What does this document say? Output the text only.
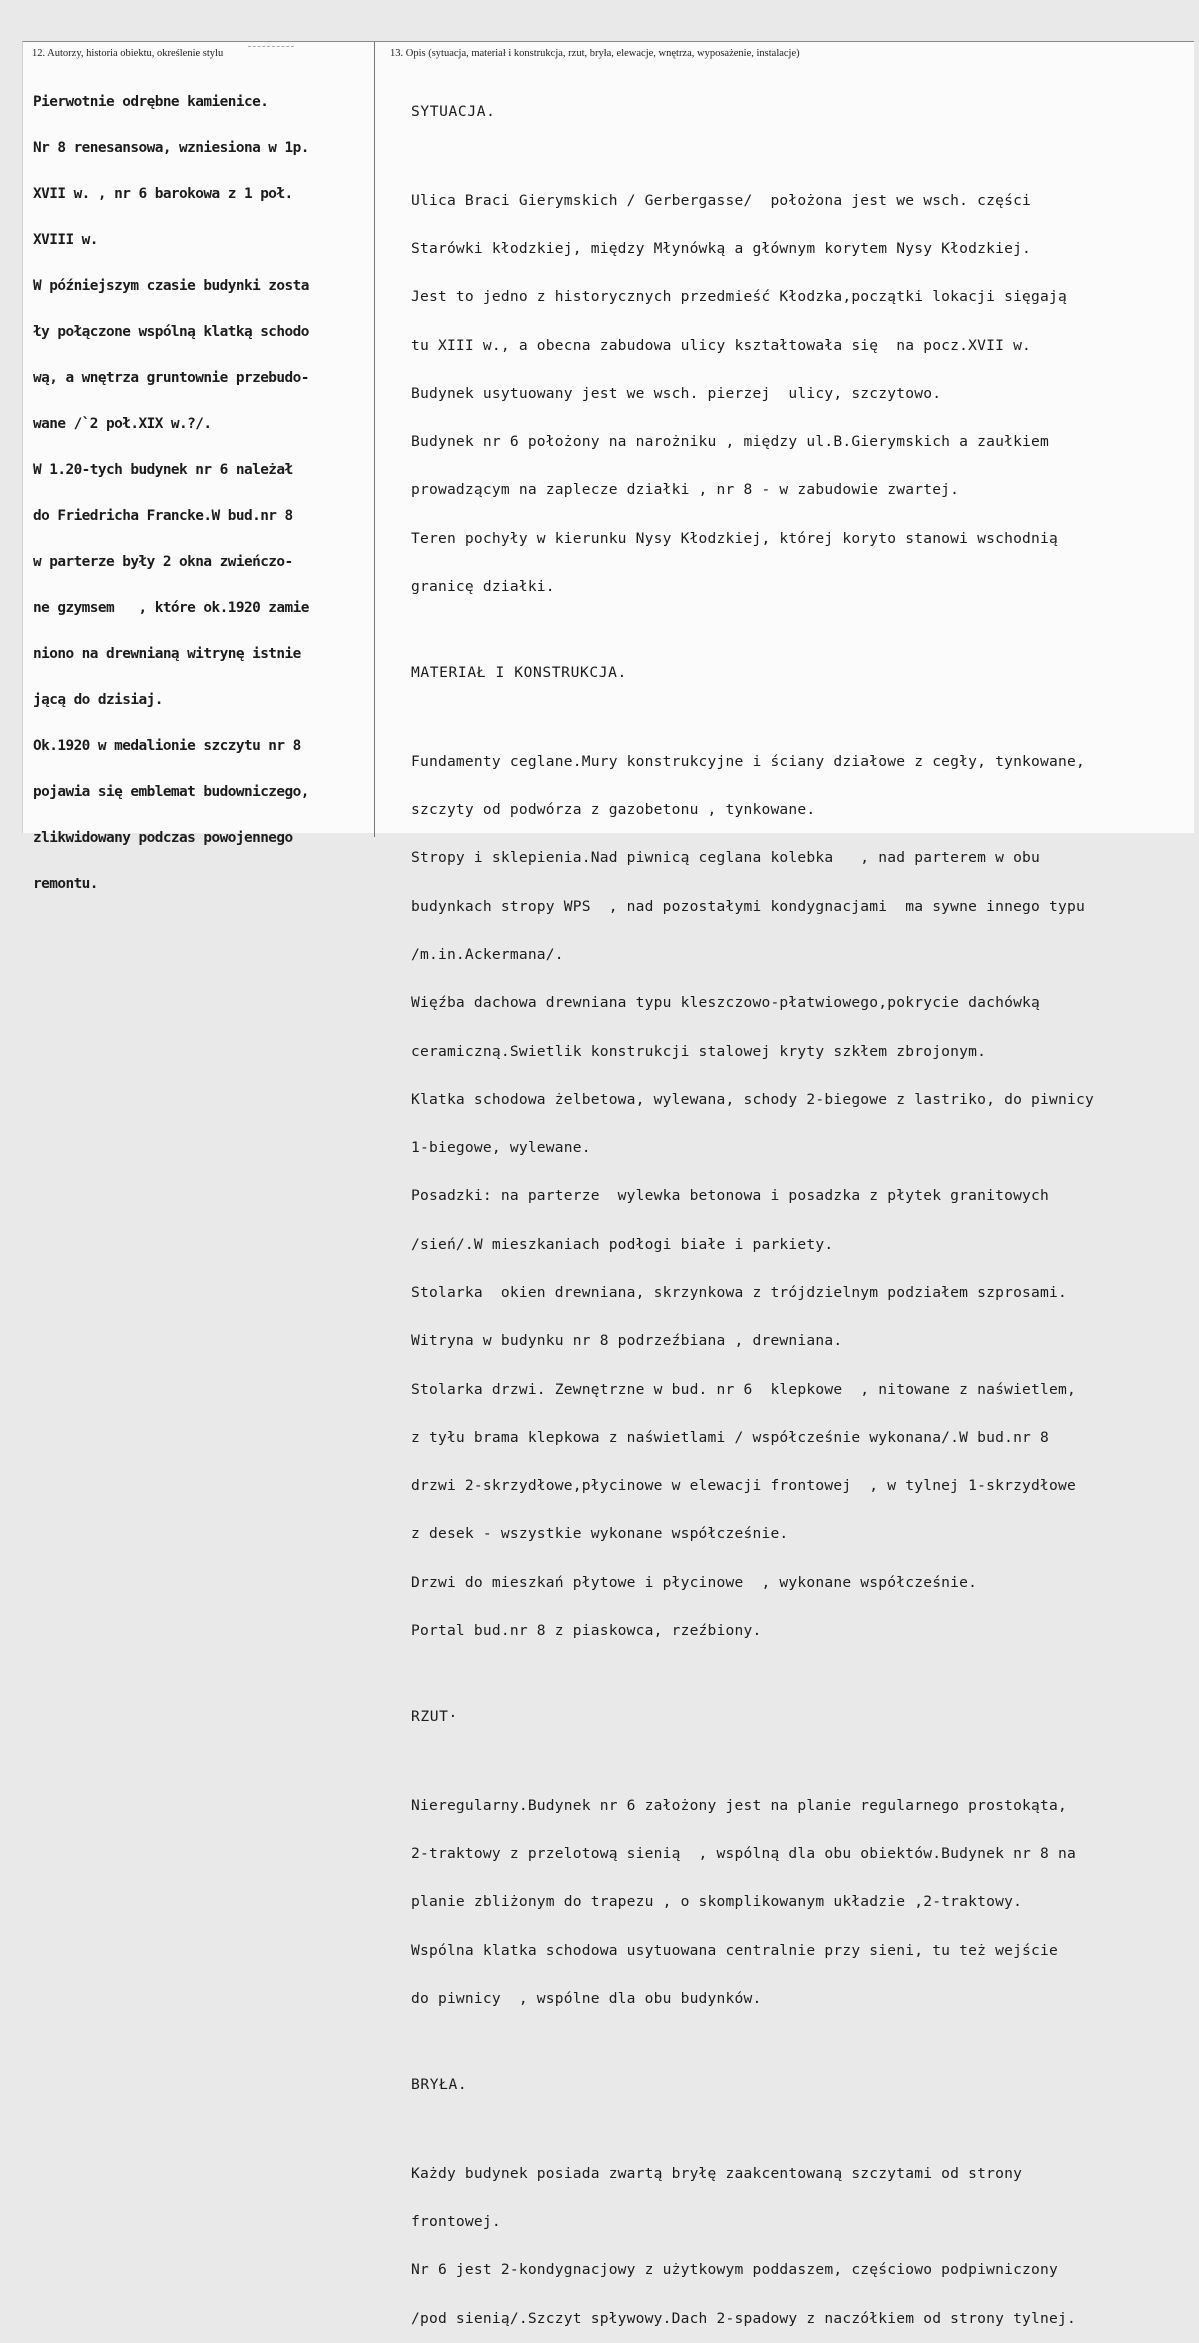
12. Autorzy, historia obiektu, określenie stylu	13. Opis (sytuacja, materiał i konstrukcja, rzut, bryła, elewacje, wnętrza, wyposażenie, instalacje)

Pierwotnie odrębne kamienice.

Nr 8 renesansowa, wzniesiona w 1p.

XVII w. , nr 6 barokowa z 1 poł.

XVIII w.

W późniejszym czasie budynki zosta

ły połączone wspólną klatką schodo

wą, a wnętrza gruntownie przebudo-

wane /`2 poł.XIX w.?/.

W 1.20-tych budynek nr 6 należał

do Friedricha Francke.W bud.nr 8

w parterze były 2 okna zwieńczo-

ne gzymsem   , które ok.1920 zamie

niono na drewnianą witrynę istnie

jącą do dzisiaj.

Ok.1920 w medalionie szczytu nr 8

pojawia się emblemat budowniczego,

zlikwidowany podczas powojennego

remontu.

SYTUACJA.

Ulica Braci Gierymskich / Gerbergasse/  położona jest we wsch. części

Starówki kłodzkiej, między Młynówką a głównym korytem Nysy Kłodzkiej.

Jest to jedno z historycznych przedmieść Kłodzka,początki lokacji sięgają

tu XIII w., a obecna zabudowa ulicy kształtowała się  na pocz.XVII w.

Budynek usytuowany jest we wsch. pierzej  ulicy, szczytowo.

Budynek nr 6 położony na narożniku , między ul.B.Gierymskich a zaułkiem

prowadzącym na zaplecze działki , nr 8 - w zabudowie zwartej.

Teren pochyły w kierunku Nysy Kłodzkiej, której koryto stanowi wschodnią

granicę działki.

MATERIAŁ I KONSTRUKCJA.

Fundamenty ceglane.Mury konstrukcyjne i ściany działowe z cegły, tynkowane,

szczyty od podwórza z gazobetonu , tynkowane.

Stropy i sklepienia.Nad piwnicą ceglana kolebka   , nad parterem w obu

budynkach stropy WPS  , nad pozostałymi kondygnacjami  ma sywne innego typu

/m.in.Ackermana/.

Więźba dachowa drewniana typu kleszczowo-płatwiowego,pokrycie dachówką

ceramiczną.Swietlik konstrukcji stalowej kryty szkłem zbrojonym.

Klatka schodowa żelbetowa, wylewana, schody 2-biegowe z lastriko, do piwnicy

1-biegowe, wylewane.

Posadzki: na parterze  wylewka betonowa i posadzka z płytek granitowych

/sień/.W mieszkaniach podłogi białe i parkiety.

Stolarka  okien drewniana, skrzynkowa z trójdzielnym podziałem szprosami.

Witryna w budynku nr 8 podrzeźbiana , drewniana.

Stolarka drzwi. Zewnętrzne w bud. nr 6  klepkowe  , nitowane z naświetlem,

z tyłu brama klepkowa z naświetlami / współcześnie wykonana/.W bud.nr 8

drzwi 2-skrzydłowe,płycinowe w elewacji frontowej  , w tylnej 1-skrzydłowe

z desek - wszystkie wykonane współcześnie.

Drzwi do mieszkań płytowe i płycinowe  , wykonane współcześnie.

Portal bud.nr 8 z piaskowca, rzeźbiony.

RZUT·

Nieregularny.Budynek nr 6 założony jest na planie regularnego prostokąta,

2-traktowy z przelotową sienią  , wspólną dla obu obiektów.Budynek nr 8 na

planie zbliżonym do trapezu , o skomplikowanym układzie ,2-traktowy.

Wspólna klatka schodowa usytuowana centralnie przy sieni, tu też wejście

do piwnicy  , wspólne dla obu budynków.

BRYŁA.

Każdy budynek posiada zwartą bryłę zaakcentowaną szczytami od strony

frontowej.

Nr 6 jest 2-kondygnacjowy z użytkowym poddaszem, częściowo podpiwniczony

/pod sienią/.Szczyt spływowy.Dach 2-spadowy z naczółkiem od strony tylnej.
